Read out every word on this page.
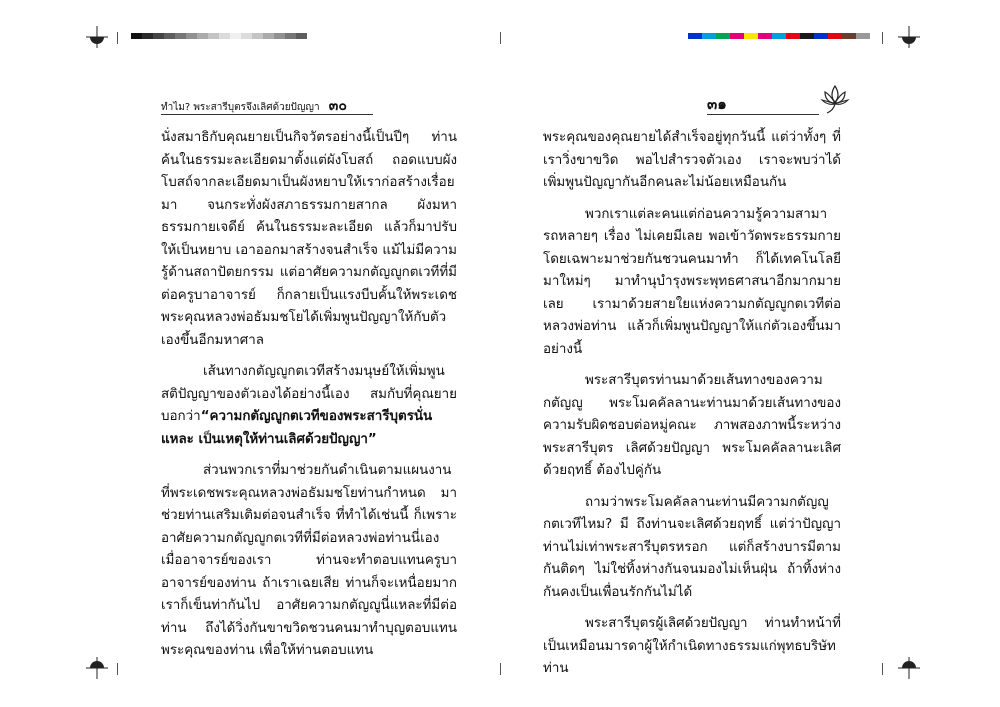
ทำไม? พระสารีบุตรจึงเลิศด้วยปัญญา ๓๐

นั่งสมาธิกับคุณยายเป็นกิจวัตรอย่างนี้เป็นปีๆ ท่านค้นในธรรมะละเอียดมาตั้งแต่ผังโบสถ์ ถอดแบบผังโบสถ์จากละเอียดมาเป็นผังหยาบให้เราก่อสร้างเรื่อยมา จนกระทั่งผังสภาธรรมกายสากล ผังมหาธรรมกายเจดีย์ ค้นในธรรมะละเอียด แล้วก็มาปรับให้เป็นหยาบ เอาออกมาสร้างจนสำเร็จ แม้ไม่มีความรู้ด้านสถาปัตยกรรม แต่อาศัยความกตัญญูกตเวทีที่มีต่อครูบาอาจารย์ ก็กลายเป็นแรงบีบคั้นให้พระเดชพระคุณหลวงพ่อธัมมชโยได้เพิ่มพูนปัญญาให้กับตัวเองขึ้นอีกมหาศาล

เส้นทางกตัญญูกตเวทีสร้างมนุษย์ให้เพิ่มพูนสติปัญญาของตัวเองได้อย่างนี้เอง สมกับที่คุณยายบอกว่า“ความกตัญญูกตเวทีของพระสารีบุตรนั่นแหละ เป็นเหตุให้ท่านเลิศด้วยปัญญา”

ส่วนพวกเราที่มาช่วยกันดำเนินตามแผนงานที่พระเดชพระคุณหลวงพ่อธัมมชโยท่านกำหนด มาช่วยท่านเสริมเติมต่อจนสำเร็จ ที่ทำได้เช่นนี้ ก็เพราะอาศัยความกตัญญูกตเวทีที่มีต่อหลวงพ่อท่านนี่เอง เมื่ออาจารย์ของเรา ท่านจะทำตอบแทนครูบาอาจารย์ของท่าน ถ้าเราเฉยเสีย ท่านก็จะเหนื่อยมาก เราก็เข็นท่ากันไป อาศัยความกตัญญูนี่แหละที่มีต่อท่าน ถึงได้วิ่งกันขาขวิดชวนคนมาทำบุญตอบแทนพระคุณของท่าน เพื่อให้ท่านตอบแทน

๓๑

พระคุณของคุณยายได้สำเร็จอยู่ทุกวันนี้ แต่ว่าทั้งๆ ที่เราวิ่งขาขวิด พอไปสำรวจตัวเอง เราจะพบว่าได้เพิ่มพูนปัญญากันอีกคนละไม่น้อยเหมือนกัน

พวกเราแต่ละคนแต่ก่อนความรู้ความสามารถหลายๆ เรื่อง ไม่เคยมีเลย พอเข้าวัดพระธรรมกายโดยเฉพาะมาช่วยกันชวนคนมาทำ ก็ได้เทคโนโลยีมาใหม่ๆ มาทำนุบำรุงพระพุทธศาสนาอีกมากมายเลย เรามาด้วยสายใยแห่งความกตัญญูกตเวทีต่อหลวงพ่อท่าน แล้วก็เพิ่มพูนปัญญาให้แก่ตัวเองขึ้นมาอย่างนี้

พระสารีบุตรท่านมาด้วยเส้นทางของความกตัญญู พระโมคคัลลานะท่านมาด้วยเส้นทางของความรับผิดชอบต่อหมู่คณะ ภาพสองภาพนี้ระหว่างพระสารีบุตร เลิศด้วยปัญญา พระโมคคัลลานะเลิศด้วยฤทธิ์ ต้องไปคู่กัน

ถามว่าพระโมคคัลลานะท่านมีความกตัญญูกตเวทีไหม? มี ถึงท่านจะเลิศด้วยฤทธิ์ แต่ว่าปัญญาท่านไม่เท่าพระสารีบุตรหรอก แต่ก็สร้างบารมีตามกันติดๆ ไม่ใช่ทิ้งห่างกันจนมองไม่เห็นฝุ่น ถ้าทิ้งห่างกันคงเป็นเพื่อนรักกันไม่ได้

พระสารีบุตรผู้เลิศด้วยปัญญา ท่านทำหน้าที่เป็นเหมือนมารดาผู้ให้กำเนิดทางธรรมแก่พุทธบริษัท ท่าน
